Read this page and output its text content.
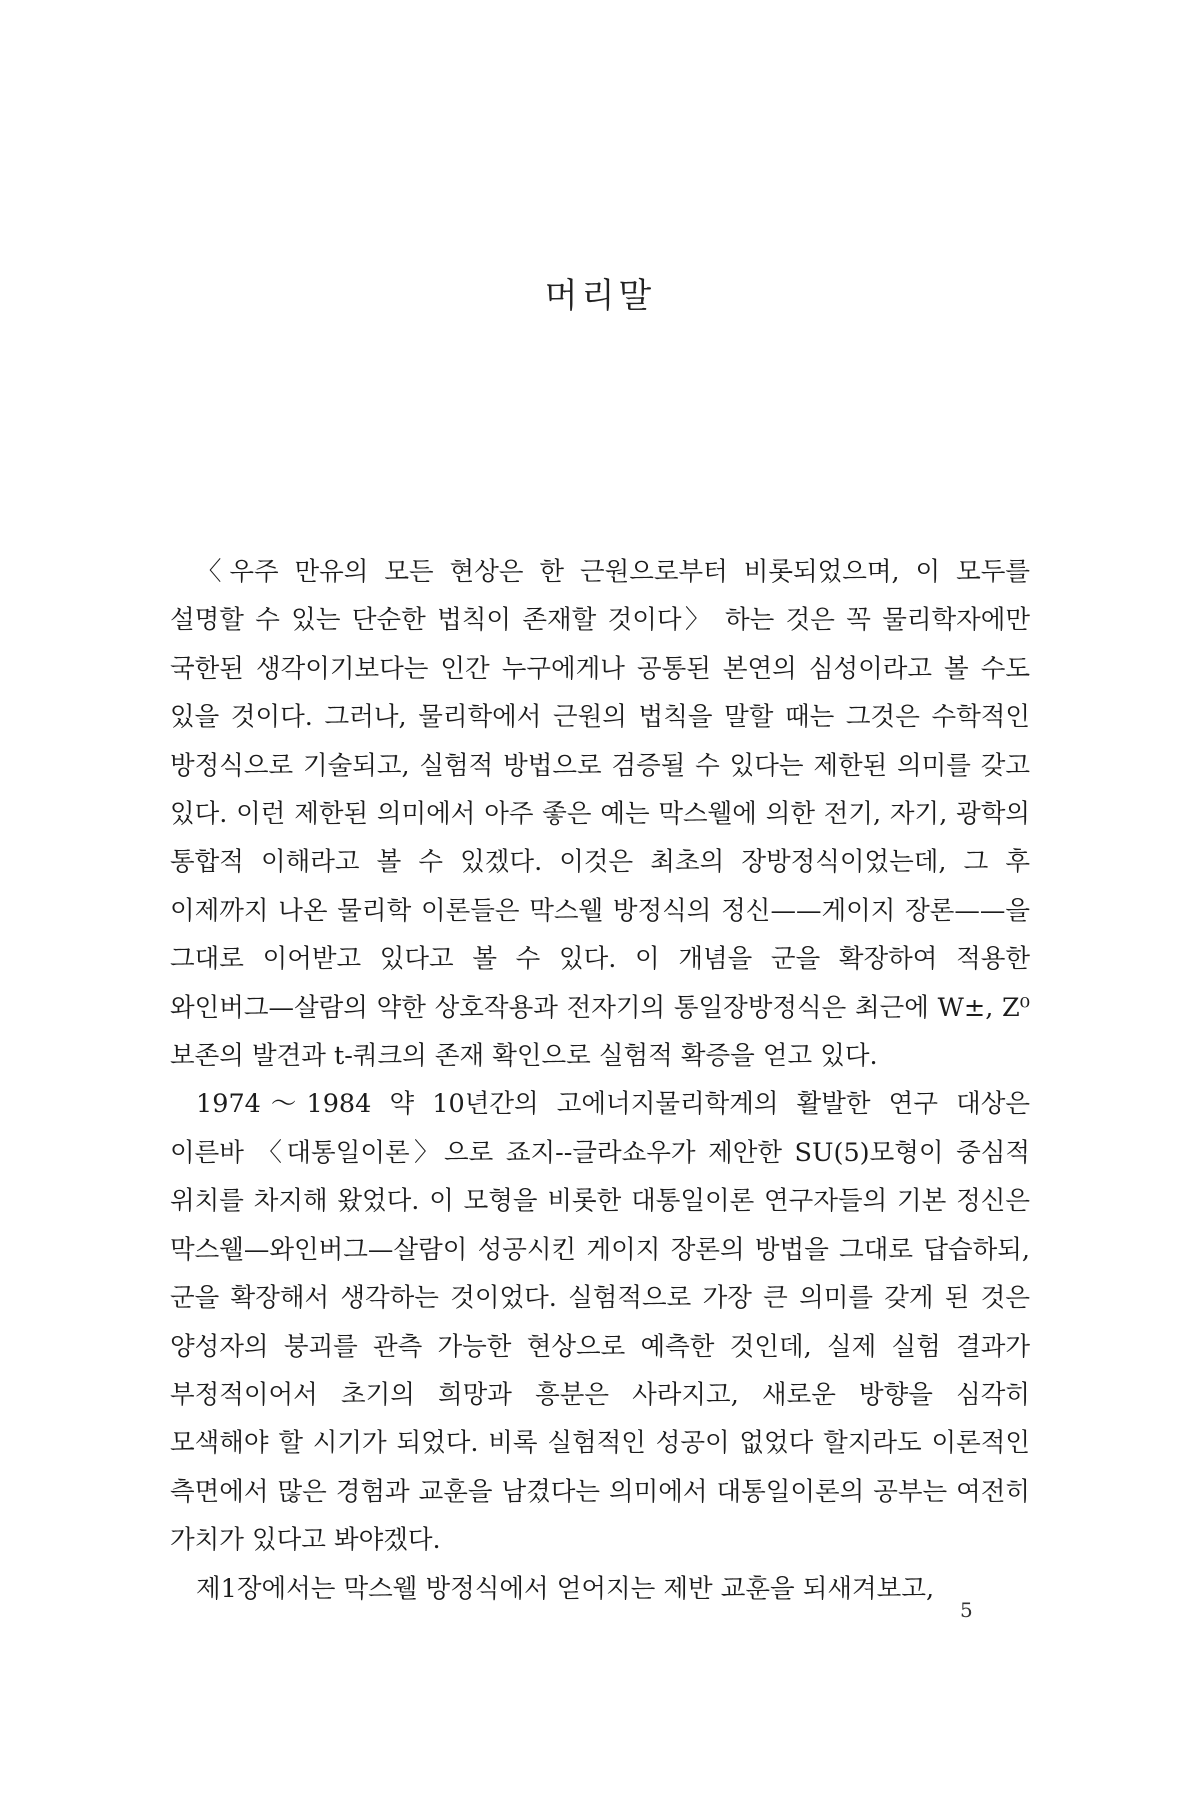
머리말

〈우주 만유의 모든 현상은 한 근원으로부터 비롯되었으며, 이 모두를 설명할 수 있는 단순한 법칙이 존재할 것이다〉 하는 것은 꼭 물리학자에만 국한된 생각이기보다는 인간 누구에게나 공통된 본연의 심성이라고 볼 수도 있을 것이다. 그러나, 물리학에서 근원의 법칙을 말할 때는 그것은 수학적인 방정식으로 기술되고, 실험적 방법으로 검증될 수 있다는 제한된 의미를 갖고 있다. 이런 제한된 의미에서 아주 좋은 예는 막스웰에 의한 전기, 자기, 광학의 통합적 이해라고 볼 수 있겠다. 이것은 최초의 장방정식이었는데, 그 후 이제까지 나온 물리학 이론들은 막스웰 방정식의 정신——게이지 장론——을 그대로 이어받고 있다고 볼 수 있다. 이 개념을 군을 확장하여 적용한 와인버그—살람의 약한 상호작용과 전자기의 통일장방정식은 최근에 W±, Z⁰ 보존의 발견과 t-쿼크의 존재 확인으로 실험적 확증을 얻고 있다.

1974～1984 약 10년간의 고에너지물리학계의 활발한 연구 대상은 이른바 〈대통일이론〉으로 죠지--글라쇼우가 제안한 SU(5)모형이 중심적 위치를 차지해 왔었다. 이 모형을 비롯한 대통일이론 연구자들의 기본 정신은 막스웰—와인버그—살람이 성공시킨 게이지 장론의 방법을 그대로 답습하되, 군을 확장해서 생각하는 것이었다. 실험적으로 가장 큰 의미를 갖게 된 것은 양성자의 붕괴를 관측 가능한 현상으로 예측한 것인데, 실제 실험 결과가 부정적이어서 초기의 희망과 흥분은 사라지고, 새로운 방향을 심각히 모색해야 할 시기가 되었다. 비록 실험적인 성공이 없었다 할지라도 이론적인 측면에서 많은 경험과 교훈을 남겼다는 의미에서 대통일이론의 공부는 여전히 가치가 있다고 봐야겠다.

제1장에서는 막스웰 방정식에서 얻어지는 제반 교훈을 되새겨보고,

5
